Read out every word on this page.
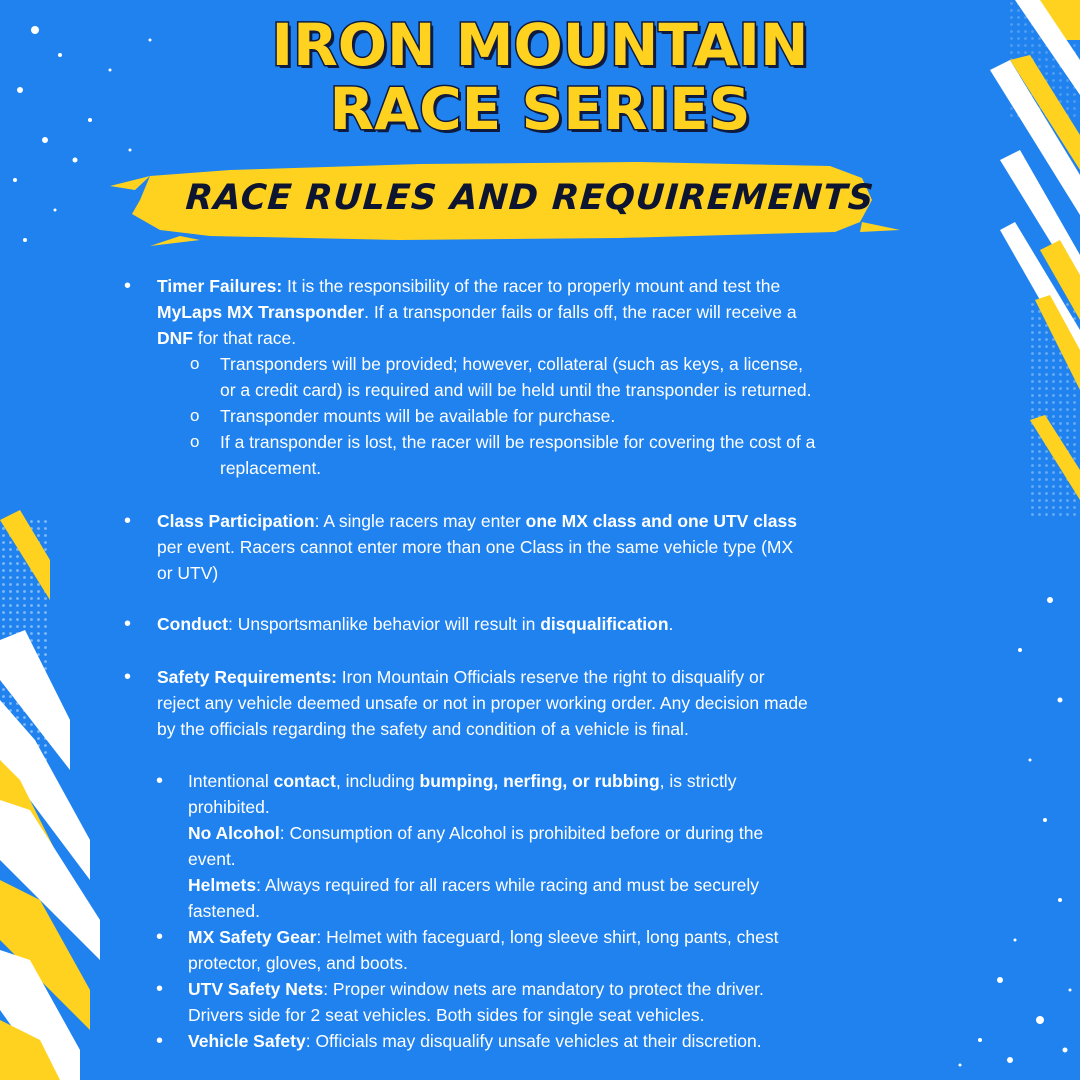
IRON MOUNTAIN
RACE SERIES
RACE RULES AND REQUIREMENTS
• Timer Failures: It is the responsibility of the racer to properly mount and test the
MyLaps MX Transponder. If a transponder fails or falls off, the racer will receive a
DNF for that race.
o Transponders will be provided; however, collateral (such as keys, a license,
or a credit card) is required and will be held until the transponder is returned.
o Transponder mounts will be available for purchase.
o If a transponder is lost, the racer will be responsible for covering the cost of a
replacement.
• Class Participation: A single racers may enter one MX class and one UTV class
per event. Racers cannot enter more than one Class in the same vehicle type (MX
or UTV)
• Conduct: Unsportsmanlike behavior will result in disqualification.
• Safety Requirements: Iron Mountain Officials reserve the right to disqualify or
reject any vehicle deemed unsafe or not in proper working order. Any decision made
by the officials regarding the safety and condition of a vehicle is final.
• Intentional contact, including bumping, nerfing, or rubbing, is strictly
prohibited.
No Alcohol: Consumption of any Alcohol is prohibited before or during the
event.
Helmets: Always required for all racers while racing and must be securely
fastened.
• MX Safety Gear: Helmet with faceguard, long sleeve shirt, long pants, chest
protector, gloves, and boots.
• UTV Safety Nets: Proper window nets are mandatory to protect the driver.
Drivers side for 2 seat vehicles. Both sides for single seat vehicles.
• Vehicle Safety: Officials may disqualify unsafe vehicles at their discretion.
